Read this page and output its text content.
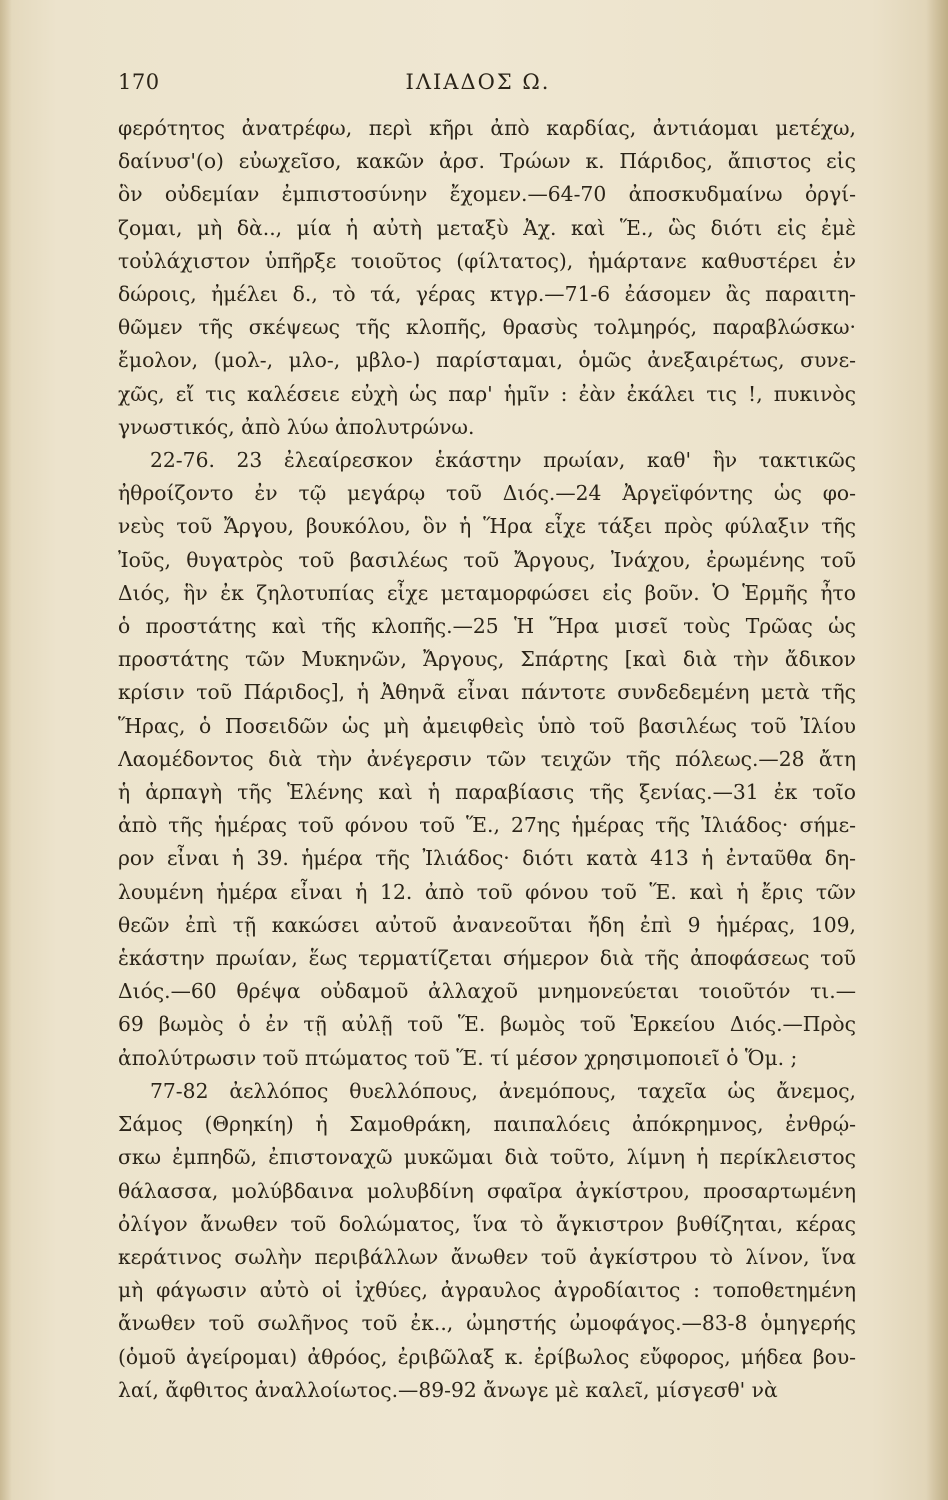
170	ΙΛΙΑΔΟΣ Ω.
φερότητος ἀνατρέφω, περὶ κῆρι ἀπὸ καρδίας, ἀντιάομαι μετέχω,
δαίνυσ'(ο) εὐωχεῖσο, κακῶν ἀρσ. Τρώων κ. Πάριδος, ἄπιστος εἰς
ὃν οὐδεμίαν ἐμπιστοσύνην ἔχομεν.—64-70 ἀποσκυδμαίνω ὀργί-
ζομαι, μὴ δὰ.., μία ἡ αὐτὴ μεταξὺ Ἀχ. καὶ Ἕ., ὣς διότι εἰς ἐμὲ
τοὐλάχιστον ὑπῆρξε τοιοῦτος (φίλτατος), ἡμάρτανε καθυστέρει ἐν
δώροις, ἠμέλει δ., τὸ τά, γέρας κτγρ.—71-6 ἐάσομεν ἂς παραιτη-
θῶμεν τῆς σκέψεως τῆς κλοπῆς, θρασὺς τολμηρός, παραβλώσκω·
ἔμολον, (μολ-, μλο-, μβλο-) παρίσταμαι, ὁμῶς ἀνεξαιρέτως, συνε-
χῶς, εἴ τις καλέσειε εὐχὴ ὡς παρ' ἡμῖν : ἐὰν ἐκάλει τις !, πυκινὸς
γνωστικός, ἀπὸ λύω ἀπολυτρώνω.
22-76. 23 ἐλεαίρεσκον ἑκάστην πρωίαν, καθ' ἣν τακτικῶς
ἠθροίζοντο ἐν τῷ μεγάρῳ τοῦ Διός.—24 Ἀργεϊφόντης ὡς φο-
νεὺς τοῦ Ἄργου, βουκόλου, ὃν ἡ Ἥρα εἶχε τάξει πρὸς φύλαξιν τῆς
Ἰοῦς, θυγατρὸς τοῦ βασιλέως τοῦ Ἄργους, Ἰνάχου, ἐρωμένης τοῦ
Διός, ἣν ἐκ ζηλοτυπίας εἶχε μεταμορφώσει εἰς βοῦν. Ὁ Ἑρμῆς ἦτο
ὁ προστάτης καὶ τῆς κλοπῆς.—25 Ἡ Ἥρα μισεῖ τοὺς Τρῶας ὡς
προστάτης τῶν Μυκηνῶν, Ἄργους, Σπάρτης [καὶ διὰ τὴν ἄδικον
κρίσιν τοῦ Πάριδος], ἡ Ἀθηνᾶ εἶναι πάντοτε συνδεδεμένη μετὰ τῆς
Ἥρας, ὁ Ποσειδῶν ὡς μὴ ἀμειφθεὶς ὑπὸ τοῦ βασιλέως τοῦ Ἰλίου
Λαομέδοντος διὰ τὴν ἀνέγερσιν τῶν τειχῶν τῆς πόλεως.—28 ἄτη
ἡ ἁρπαγὴ τῆς Ἑλένης καὶ ἡ παραβίασις τῆς ξενίας.—31 ἐκ τοῖο
ἀπὸ τῆς ἡμέρας τοῦ φόνου τοῦ Ἕ., 27ης ἡμέρας τῆς Ἰλιάδος· σήμε-
ρον εἶναι ἡ 39. ἡμέρα τῆς Ἰλιάδος· διότι κατὰ 413 ἡ ἐνταῦθα δη-
λουμένη ἡμέρα εἶναι ἡ 12. ἀπὸ τοῦ φόνου τοῦ Ἕ. καὶ ἡ ἔρις τῶν
θεῶν ἐπὶ τῇ κακώσει αὐτοῦ ἀνανεοῦται ἤδη ἐπὶ 9 ἡμέρας, 109,
ἑκάστην πρωίαν, ἕως τερματίζεται σήμερον διὰ τῆς ἀποφάσεως τοῦ
Διός.—60 θρέψα οὐδαμοῦ ἀλλαχοῦ μνημονεύεται τοιοῦτόν τι.—
69 βωμὸς ὁ ἐν τῇ αὐλῇ τοῦ Ἕ. βωμὸς τοῦ Ἑρκείου Διός.—Πρὸς
ἀπολύτρωσιν τοῦ πτώματος τοῦ Ἕ. τί μέσον χρησιμοποιεῖ ὁ Ὅμ. ;
77-82 ἀελλόπος θυελλόπους, ἀνεμόπους, ταχεῖα ὡς ἄνεμος,
Σάμος (Θρηκίη) ἡ Σαμοθράκη, παιπαλόεις ἀπόκρημνος, ἐνθρῴ-
σκω ἐμπηδῶ, ἐπιστοναχῶ μυκῶμαι διὰ τοῦτο, λίμνη ἡ περίκλειστος
θάλασσα, μολύβδαινα μολυβδίνη σφαῖρα ἀγκίστρου, προσαρτωμένη
ὀλίγον ἄνωθεν τοῦ δολώματος, ἵνα τὸ ἄγκιστρον βυθίζηται, κέρας
κεράτινος σωλὴν περιβάλλων ἄνωθεν τοῦ ἀγκίστρου τὸ λίνον, ἵνα
μὴ φάγωσιν αὐτὸ οἱ ἰχθύες, ἀγραυλος ἀγροδίαιτος : τοποθετημένη
ἄνωθεν τοῦ σωλῆνος τοῦ ἐκ.., ὠμηστής ὠμοφάγος.—83-8 ὁμηγερής
(ὁμοῦ ἀγείρομαι) ἀθρόος, ἐριβῶλαξ κ. ἐρίβωλος εὔφορος, μήδεα βου-
λαί, ἄφθιτος ἀναλλοίωτος.—89-92 ἄνωγε μὲ καλεῖ, μίσγεσθ' νὰ
